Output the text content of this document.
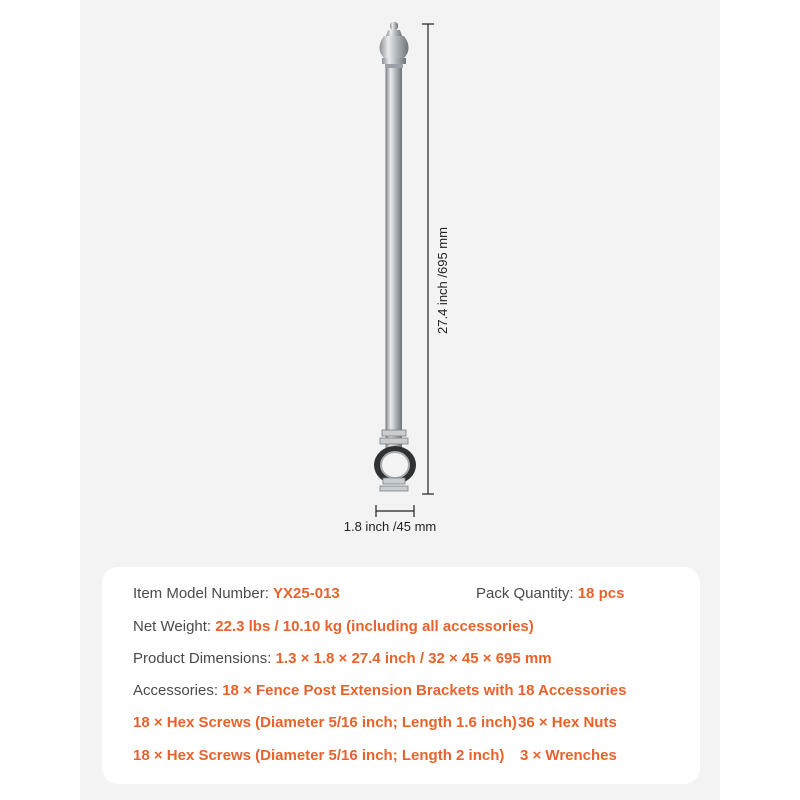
27.4 inch /695 mm
1.8 inch /45 mm
Item Model Number: YX25-013	Pack Quantity: 18 pcs
Net Weight: 22.3 lbs / 10.10 kg (including all accessories)
Product Dimensions: 1.3 × 1.8 × 27.4 inch / 32 × 45 × 695 mm
Accessories: 18 × Fence Post Extension Brackets with 18 Accessories
18 × Hex Screws (Diameter 5/16 inch; Length 1.6 inch) 36 × Hex Nuts
18 × Hex Screws (Diameter 5/16 inch; Length 2 inch) 3 × Wrenches
